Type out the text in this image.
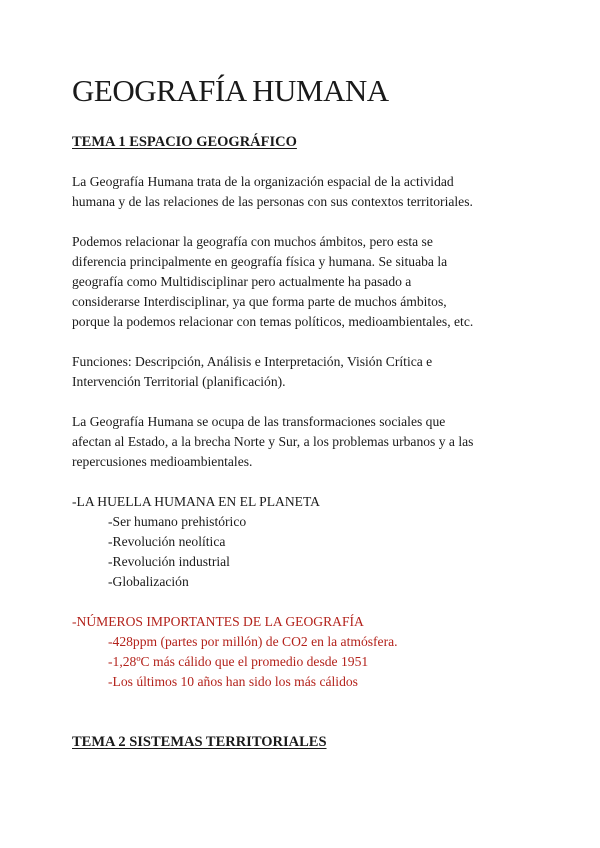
GEOGRAFÍA HUMANA
TEMA 1 ESPACIO GEOGRÁFICO

La Geografía Humana trata de la organización espacial de la actividad
humana y de las relaciones de las personas con sus contextos territoriales.

Podemos relacionar la geografía con muchos ámbitos, pero esta se
diferencia principalmente en geografía física y humana. Se situaba la
geografía como Multidisciplinar pero actualmente ha pasado a
considerarse Interdisciplinar, ya que forma parte de muchos ámbitos,
porque la podemos relacionar con temas políticos, medioambientales, etc.

Funciones: Descripción, Análisis e Interpretación, Visión Crítica e
Intervención Territorial (planificación).

La Geografía Humana se ocupa de las transformaciones sociales que
afectan al Estado, a la brecha Norte y Sur, a los problemas urbanos y a las
repercusiones medioambientales.

-LA HUELLA HUMANA EN EL PLANETA

-Ser humano prehistórico
-Revolución neolítica
-Revolución industrial
-Globalización

-NÚMEROS IMPORTANTES DE LA GEOGRAFÍA

-428ppm (partes por millón) de CO2 en la atmósfera.
-1,28ºC más cálido que el promedio desde 1951
-Los últimos 10 años han sido los más cálidos
TEMA 2 SISTEMAS TERRITORIALES
